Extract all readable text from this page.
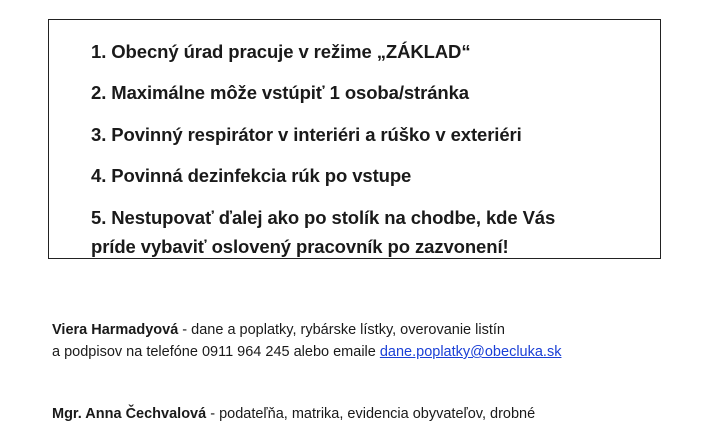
1. Obecný úrad pracuje v režime „ZÁKLAD“
2. Maximálne môže vstúpiť 1 osoba/stránka
3. Povinný respirátor v interiéri a rúško v exteriéri
4. Povinná dezinfekcia rúk po vstupe
5. Nestupovať ďalej ako po stolík na chodbe, kde Vás
príde vybaviť oslovený pracovník po zazvonení!
Viera Harmadyová - dane a poplatky, rybárske lístky, overovanie listín
a podpisov na telefóne 0911 964 245 alebo emaile dane.poplatky@obecluka.sk
Mgr. Anna Čechvalová - podateľňa, matrika, evidencia obyvateľov, drobné
